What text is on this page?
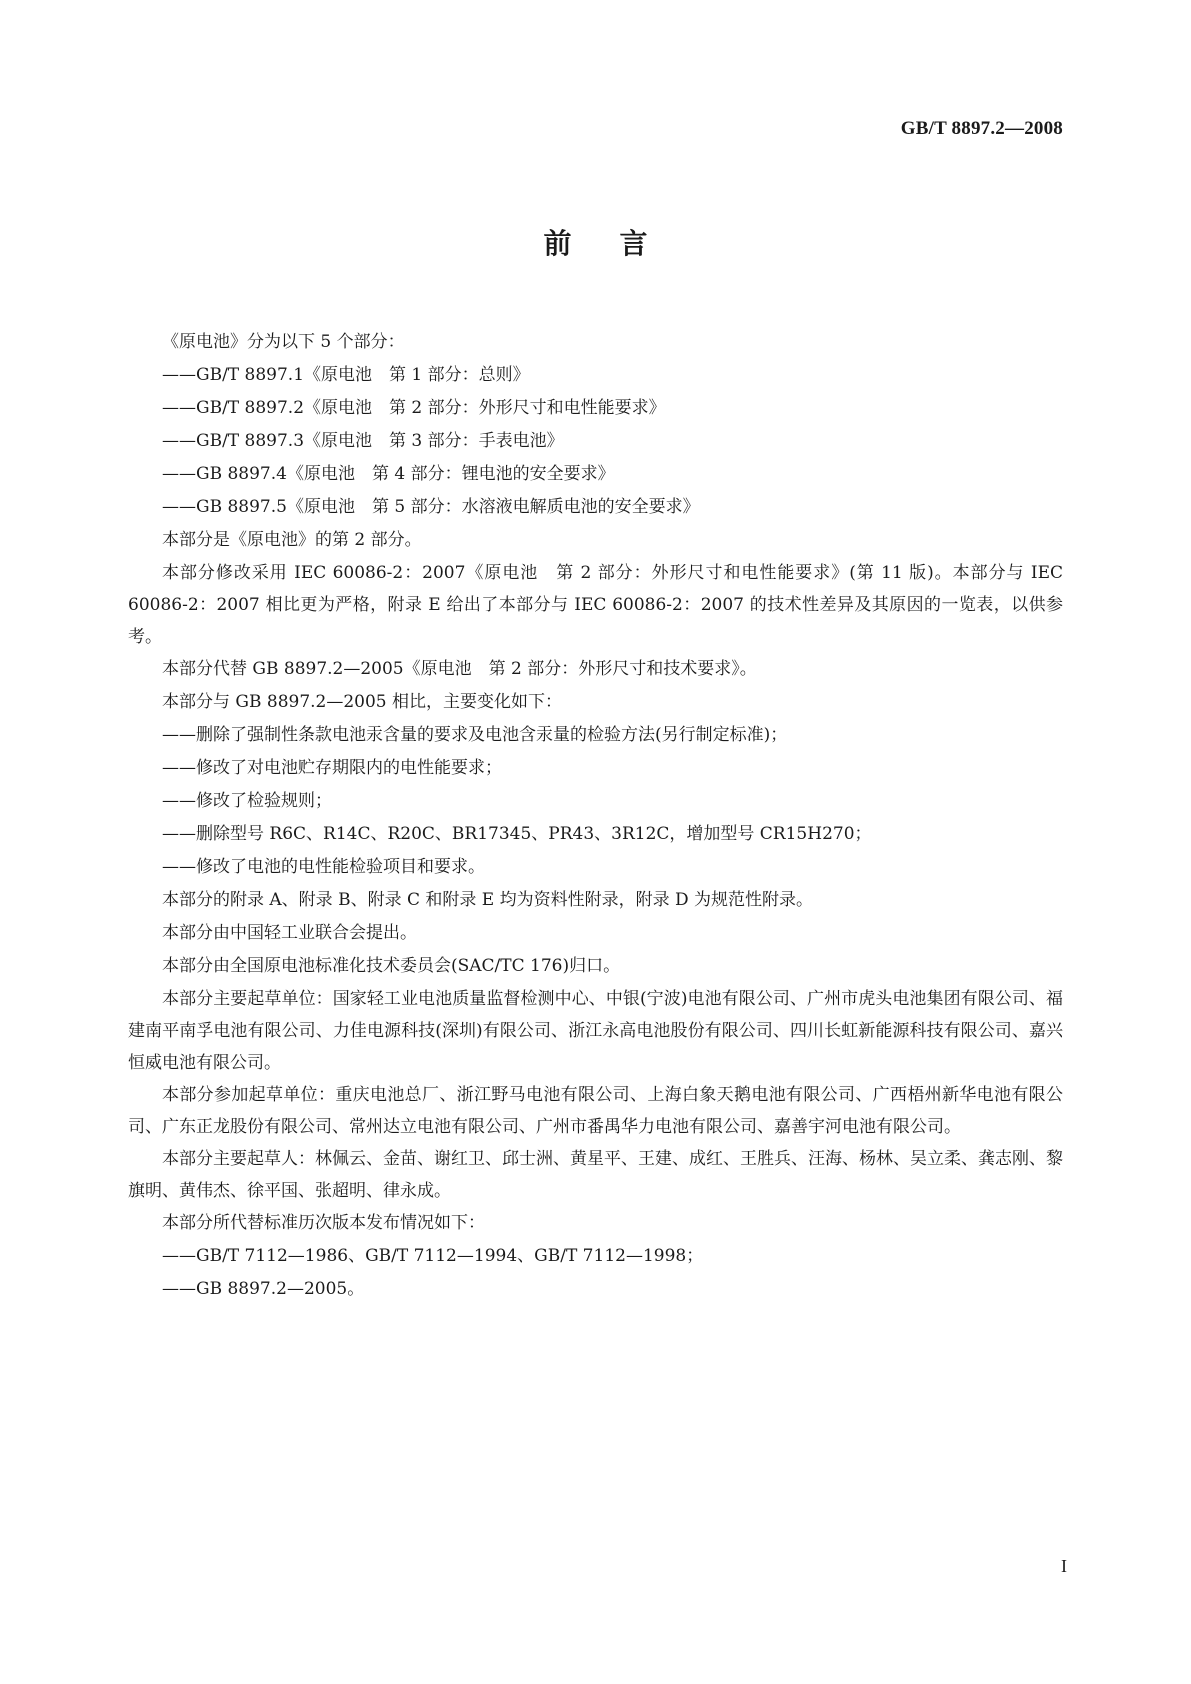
GB/T 8897.2—2008
前言
《原电池》分为以下 5 个部分：
——GB/T 8897.1《原电池　第 1 部分：总则》
——GB/T 8897.2《原电池　第 2 部分：外形尺寸和电性能要求》
——GB/T 8897.3《原电池　第 3 部分：手表电池》
——GB 8897.4《原电池　第 4 部分：锂电池的安全要求》
——GB 8897.5《原电池　第 5 部分：水溶液电解质电池的安全要求》
本部分是《原电池》的第 2 部分。

本部分修改采用 IEC 60086-2：2007《原电池　第 2 部分：外形尺寸和电性能要求》(第 11 版)。本部分与 IEC 60086-2：2007 相比更为严格，附录 E 给出了本部分与 IEC 60086-2：2007 的技术性差异及其原因的一览表，以供参考。

本部分代替 GB 8897.2—2005《原电池　第 2 部分：外形尺寸和技术要求》。
本部分与 GB 8897.2—2005 相比，主要变化如下：
——删除了强制性条款电池汞含量的要求及电池含汞量的检验方法(另行制定标准)；
——修改了对电池贮存期限内的电性能要求；
——修改了检验规则；
——删除型号 R6C、R14C、R20C、BR17345、PR43、3R12C，增加型号 CR15H270；
——修改了电池的电性能检验项目和要求。
本部分的附录 A、附录 B、附录 C 和附录 E 均为资料性附录，附录 D 为规范性附录。
本部分由中国轻工业联合会提出。
本部分由全国原电池标准化技术委员会(SAC/TC 176)归口。

本部分主要起草单位：国家轻工业电池质量监督检测中心、中银(宁波)电池有限公司、广州市虎头电池集团有限公司、福建南平南孚电池有限公司、力佳电源科技(深圳)有限公司、浙江永高电池股份有限公司、四川长虹新能源科技有限公司、嘉兴恒威电池有限公司。

本部分参加起草单位：重庆电池总厂、浙江野马电池有限公司、上海白象天鹅电池有限公司、广西梧州新华电池有限公司、广东正龙股份有限公司、常州达立电池有限公司、广州市番禺华力电池有限公司、嘉善宇河电池有限公司。

本部分主要起草人：林佩云、金苗、谢红卫、邱士洲、黄星平、王建、成红、王胜兵、汪海、杨林、吴立柔、龚志刚、黎旗明、黄伟杰、徐平国、张超明、律永成。

本部分所代替标准历次版本发布情况如下：
——GB/T 7112—1986、GB/T 7112—1994、GB/T 7112—1998；
——GB 8897.2—2005。
I
